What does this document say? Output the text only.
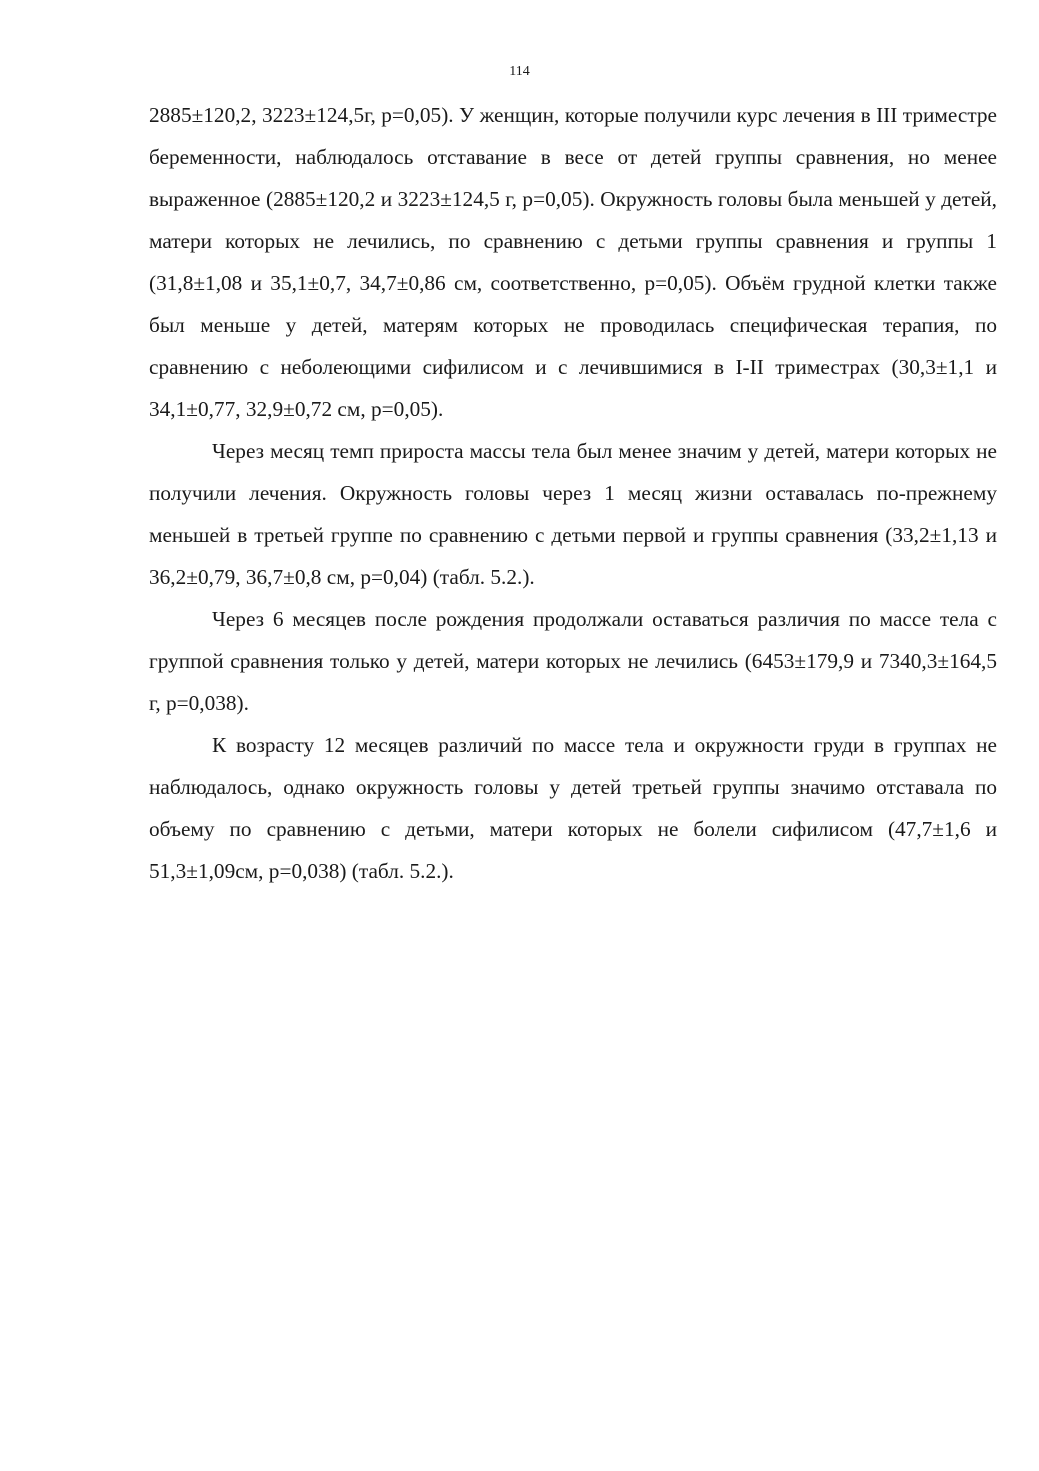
114

2885±120,2, 3223±124,5г, p=0,05). У женщин, которые получили курс лечения в III триместре беременности, наблюдалось отставание в весе от детей группы сравнения, но менее выраженное (2885±120,2 и 3223±124,5 г, p=0,05). Окружность головы была меньшей у детей, матери которых не лечились, по сравнению с детьми группы сравнения и группы 1 (31,8±1,08 и 35,1±0,7, 34,7±0,86 см, соответственно, p=0,05). Объём грудной клетки также был меньше у детей, матерям которых не проводилась специфическая терапия, по сравнению с неболеющими сифилисом и с лечившимися в I-II триместрах (30,3±1,1 и 34,1±0,77, 32,9±0,72 см, p=0,05).

Через месяц темп прироста массы тела был менее значим у детей, матери которых не получили лечения. Окружность головы через 1 месяц жизни оставалась по-прежнему меньшей в третьей группе по сравнению с детьми первой и группы сравнения (33,2±1,13 и 36,2±0,79, 36,7±0,8 см, p=0,04) (табл. 5.2.).

Через 6 месяцев после рождения продолжали оставаться различия по массе тела с группой сравнения только у детей, матери которых не лечились (6453±179,9 и 7340,3±164,5 г, p=0,038).

К возрасту 12 месяцев различий по массе тела и окружности груди в группах не наблюдалось, однако окружность головы у детей третьей группы значимо отставала по объему по сравнению с детьми, матери которых не болели сифилисом (47,7±1,6 и 51,3±1,09см, p=0,038) (табл. 5.2.).
